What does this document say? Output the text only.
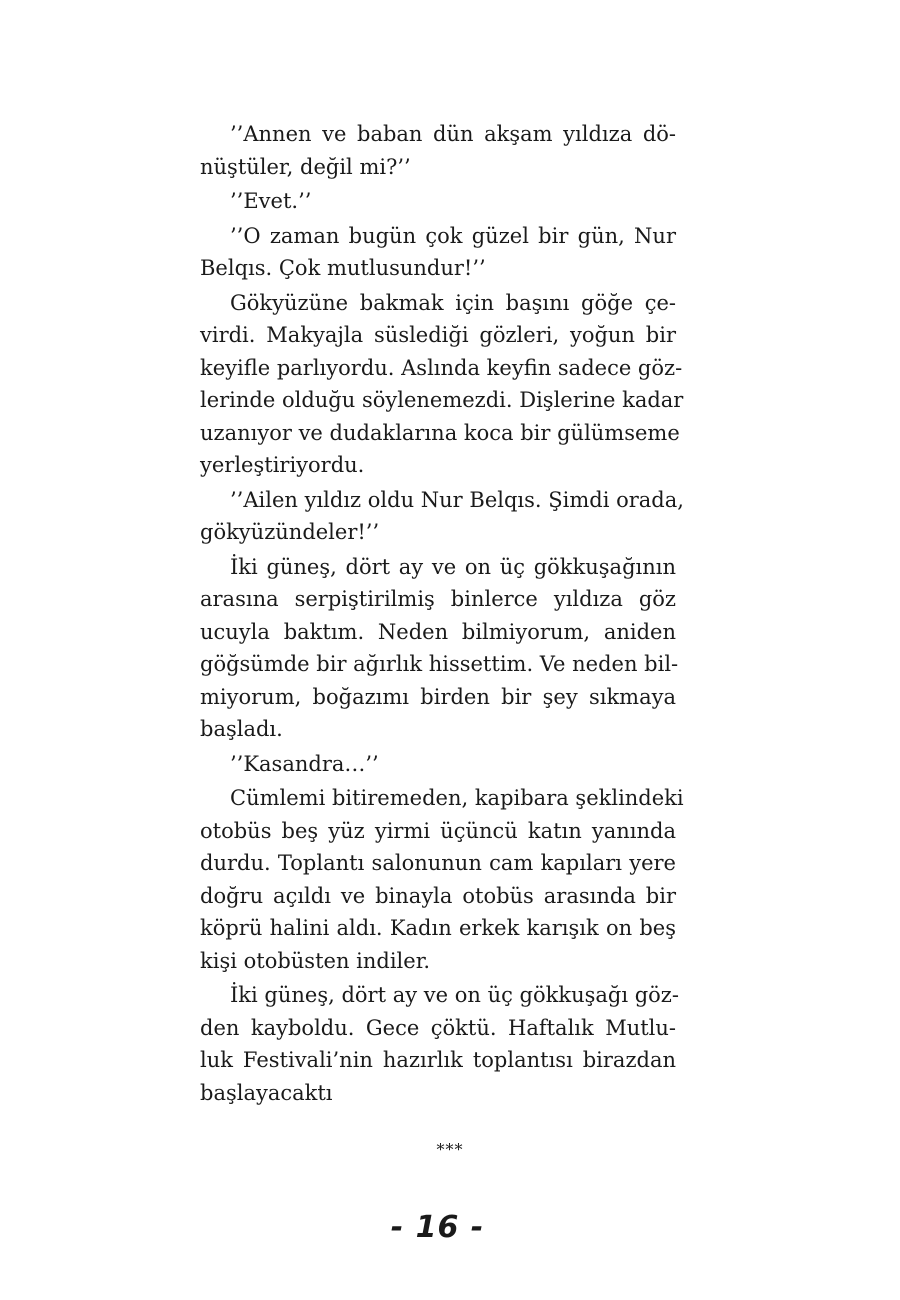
’’Annen ve baban dün akşam yıldıza dö-
nüştüler, değil mi?’’

’’Evet.’’

’’O zaman bugün çok güzel bir gün, Nur
Belqıs. Çok mutlusundur!’’

Gökyüzüne bakmak için başını göğe çe-
virdi. Makyajla süslediği gözleri, yoğun bir
keyifle parlıyordu. Aslında keyfin sadece göz-
lerinde olduğu söylenemezdi. Dişlerine kadar
uzanıyor ve dudaklarına koca bir gülümseme
yerleştiriyordu.

’’Ailen yıldız oldu Nur Belqıs. Şimdi orada,
gökyüzündeler!’’

İki güneş, dört ay ve on üç gökkuşağının
arasına serpiştirilmiş binlerce yıldıza göz
ucuyla baktım. Neden bilmiyorum, aniden
göğsümde bir ağırlık hissettim. Ve neden bil-
miyorum, boğazımı birden bir şey sıkmaya
başladı.

’’Kasandra…’’

Cümlemi bitiremeden, kapibara şeklindeki
otobüs beş yüz yirmi üçüncü katın yanında
durdu. Toplantı salonunun cam kapıları yere
doğru açıldı ve binayla otobüs arasında bir
köprü halini aldı. Kadın erkek karışık on beş
kişi otobüsten indiler.

İki güneş, dört ay ve on üç gökkuşağı göz-
den kayboldu. Gece çöktü. Haftalık Mutlu-
luk Festivali’nin hazırlık toplantısı birazdan
başlayacaktı

***
- 16 -
